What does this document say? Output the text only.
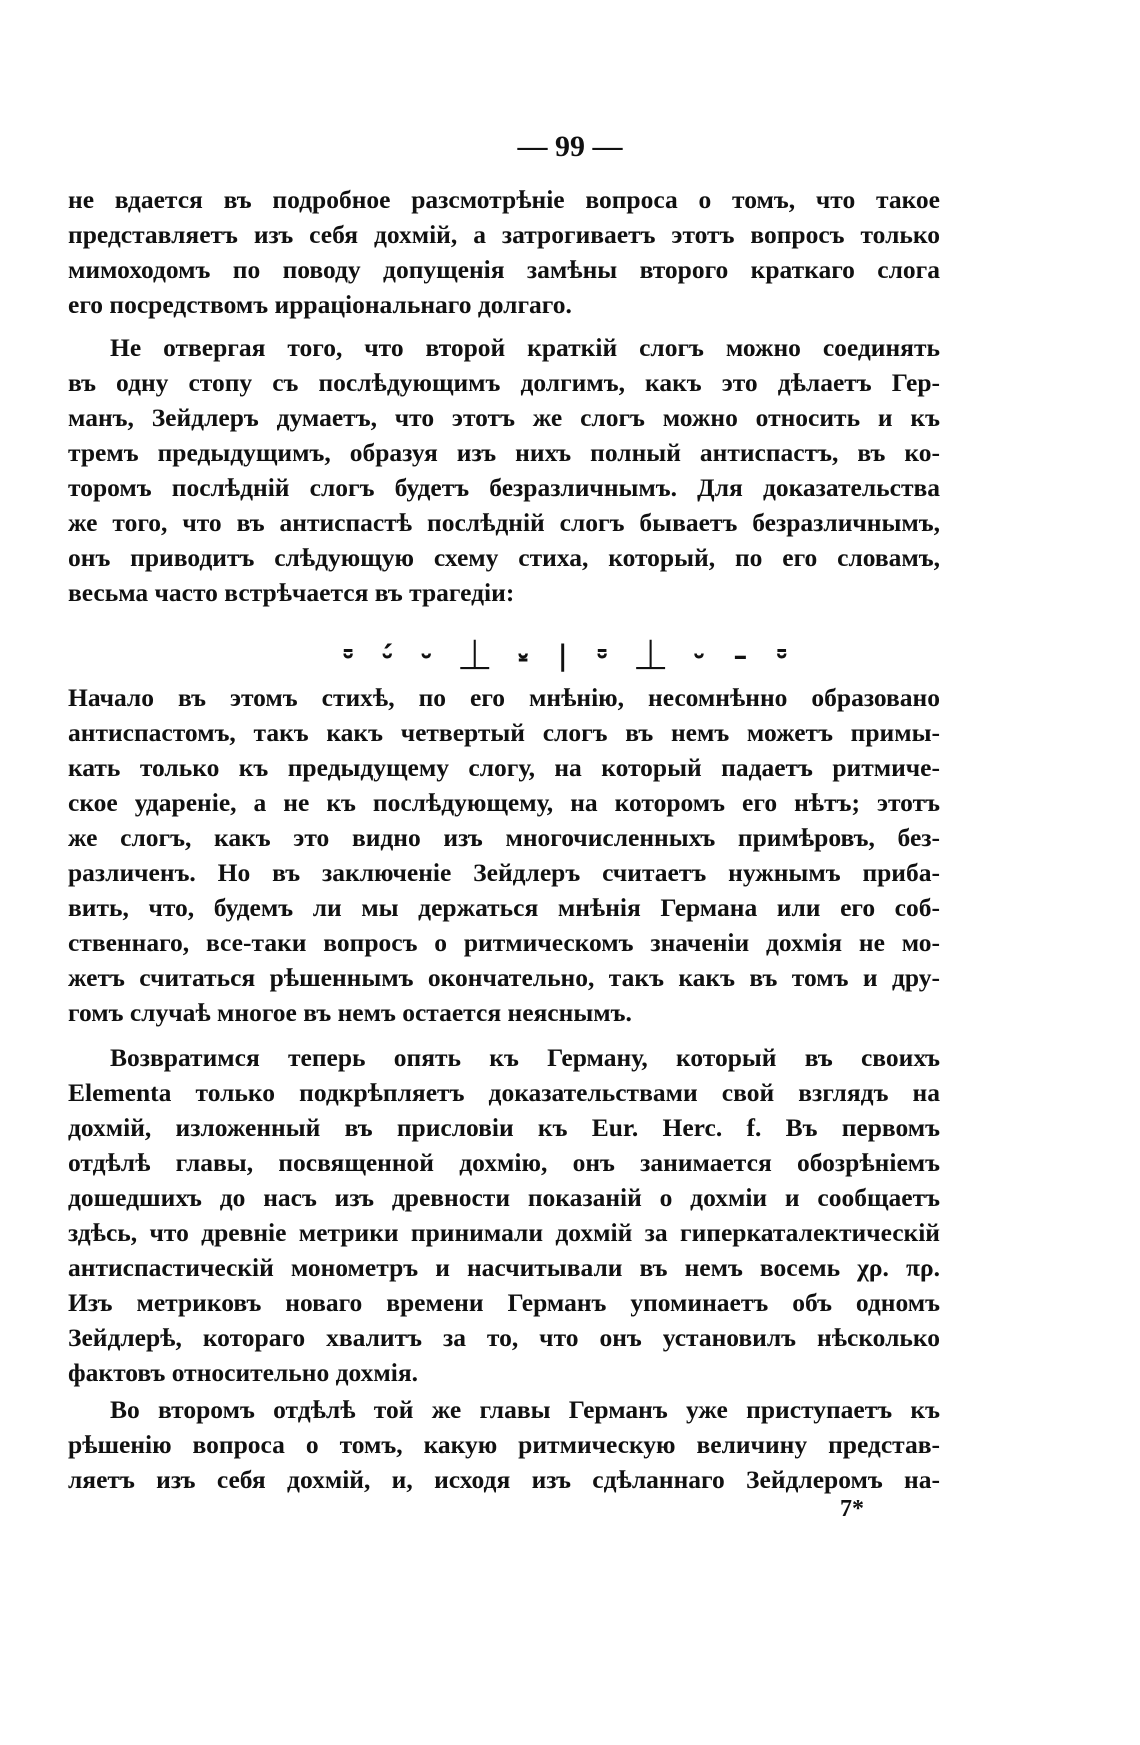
— 99 —
не вдается въ подробное разсмотрѣніе вопроса о томъ, что такое
представляетъ изъ себя дохмій, а затрогиваетъ этотъ вопросъ только
мимоходомъ по поводу допущенія замѣны второго краткаго слога
его посредствомъ ирраціональнаго долгаго.
Не отвергая того, что второй краткій слогъ можно соединять
въ одну стопу съ послѣдующимъ долгимъ, какъ это дѣлаетъ Гер-
манъ, Зейдлеръ думаетъ, что этотъ же слогъ можно относить и къ
тремъ предыдущимъ, образуя изъ нихъ полный антиспастъ, въ ко-
торомъ послѣдній слогъ будетъ безразличнымъ. Для доказательства
же того, что въ антиспастѣ послѣдній слогъ бываетъ безразличнымъ,
онъ приводитъ слѣдующую схему стиха, который, по его словамъ,
весьма часто встрѣчается въ трагедіи:
⏒ ⏑́ ⏑ ⏊ ⏓ | ⏒ ⏊ ⏑ – ⏒
Начало въ этомъ стихѣ, по его мнѣнію, несомнѣнно образовано
антиспастомъ, такъ какъ четвертый слогъ въ немъ можетъ примы-
кать только къ предыдущему слогу, на который падаетъ ритмиче-
ское удареніе, а не къ послѣдующему, на которомъ его нѣтъ; этотъ
же слогъ, какъ это видно изъ многочисленныхъ примѣровъ, без-
различенъ. Но въ заключеніе Зейдлеръ считаетъ нужнымъ приба-
вить, что, будемъ ли мы держаться мнѣнія Германа или его соб-
ственнаго, все-таки вопросъ о ритмическомъ значеніи дохмія не мо-
жетъ считаться рѣшеннымъ окончательно, такъ какъ въ томъ и дру-
гомъ случаѣ многое въ немъ остается неяснымъ.
Возвратимся теперь опять къ Герману, который въ своихъ
Elementa только подкрѣпляетъ доказательствами свой взглядъ на
дохмій, изложенный въ присловіи къ Eur. Herc. f. Въ первомъ
отдѣлѣ главы, посвященной дохмію, онъ занимается обозрѣніемъ
дошедшихъ до насъ изъ древности показаній о дохміи и сообщаетъ
здѣсь, что древніе метрики принимали дохмій за гиперкаталектическій
антиспастическій монометръ и насчитывали въ немъ восемь χρ. πρ.
Изъ метриковъ новаго времени Германъ упоминаетъ объ одномъ
Зейдлерѣ, котораго хвалитъ за то, что онъ установилъ нѣсколько
фактовъ относительно дохмія.
Во второмъ отдѣлѣ той же главы Германъ уже приступаетъ къ
рѣшенію вопроса о томъ, какую ритмическую величину представ-
ляетъ изъ себя дохмій, и, исходя изъ сдѣланнаго Зейдлеромъ на-
7*
